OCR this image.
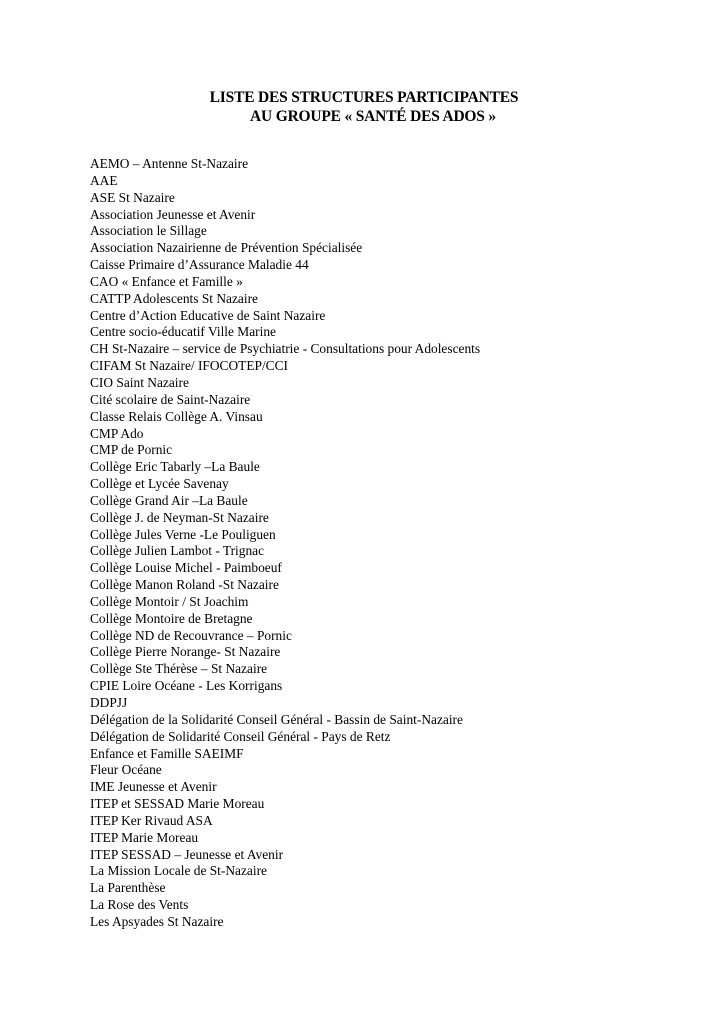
LISTE DES STRUCTURES PARTICIPANTES
AU GROUPE « SANTÉ DES ADOS »
AEMO – Antenne St-Nazaire
AAE
ASE St Nazaire
Association Jeunesse et Avenir
Association le Sillage
Association Nazairienne de Prévention Spécialisée
Caisse Primaire d’Assurance Maladie 44
CAO « Enfance et Famille »
CATTP Adolescents St Nazaire
Centre d’Action Educative de Saint Nazaire
Centre socio-éducatif Ville Marine
CH St-Nazaire – service de Psychiatrie - Consultations pour Adolescents
CIFAM St Nazaire/ IFOCOTEP/CCI
CIO Saint Nazaire
Cité scolaire de Saint-Nazaire
Classe Relais Collège A. Vinsau
CMP Ado
CMP de Pornic
Collège Eric Tabarly –La Baule
Collège et Lycée Savenay
Collège Grand Air –La Baule
Collège J. de Neyman-St Nazaire
Collège Jules Verne -Le Pouliguen
Collège Julien Lambot - Trignac
Collège Louise Michel - Paimboeuf
Collège Manon Roland -St Nazaire
Collège Montoir / St Joachim
Collège Montoire de Bretagne
Collège ND de Recouvrance – Pornic
Collège Pierre Norange- St Nazaire
Collège Ste Thérèse – St Nazaire
CPIE Loire Océane - Les Korrigans
DDPJJ
Délégation de la Solidarité Conseil Général - Bassin de Saint-Nazaire
Délégation de Solidarité Conseil Général - Pays de Retz
Enfance et Famille SAEIMF
Fleur Océane
IME Jeunesse et Avenir
ITEP et SESSAD Marie Moreau
ITEP Ker Rivaud ASA
ITEP Marie Moreau
ITEP SESSAD – Jeunesse et Avenir
La Mission Locale de St-Nazaire
La Parenthèse
La Rose des Vents
Les Apsyades St Nazaire
